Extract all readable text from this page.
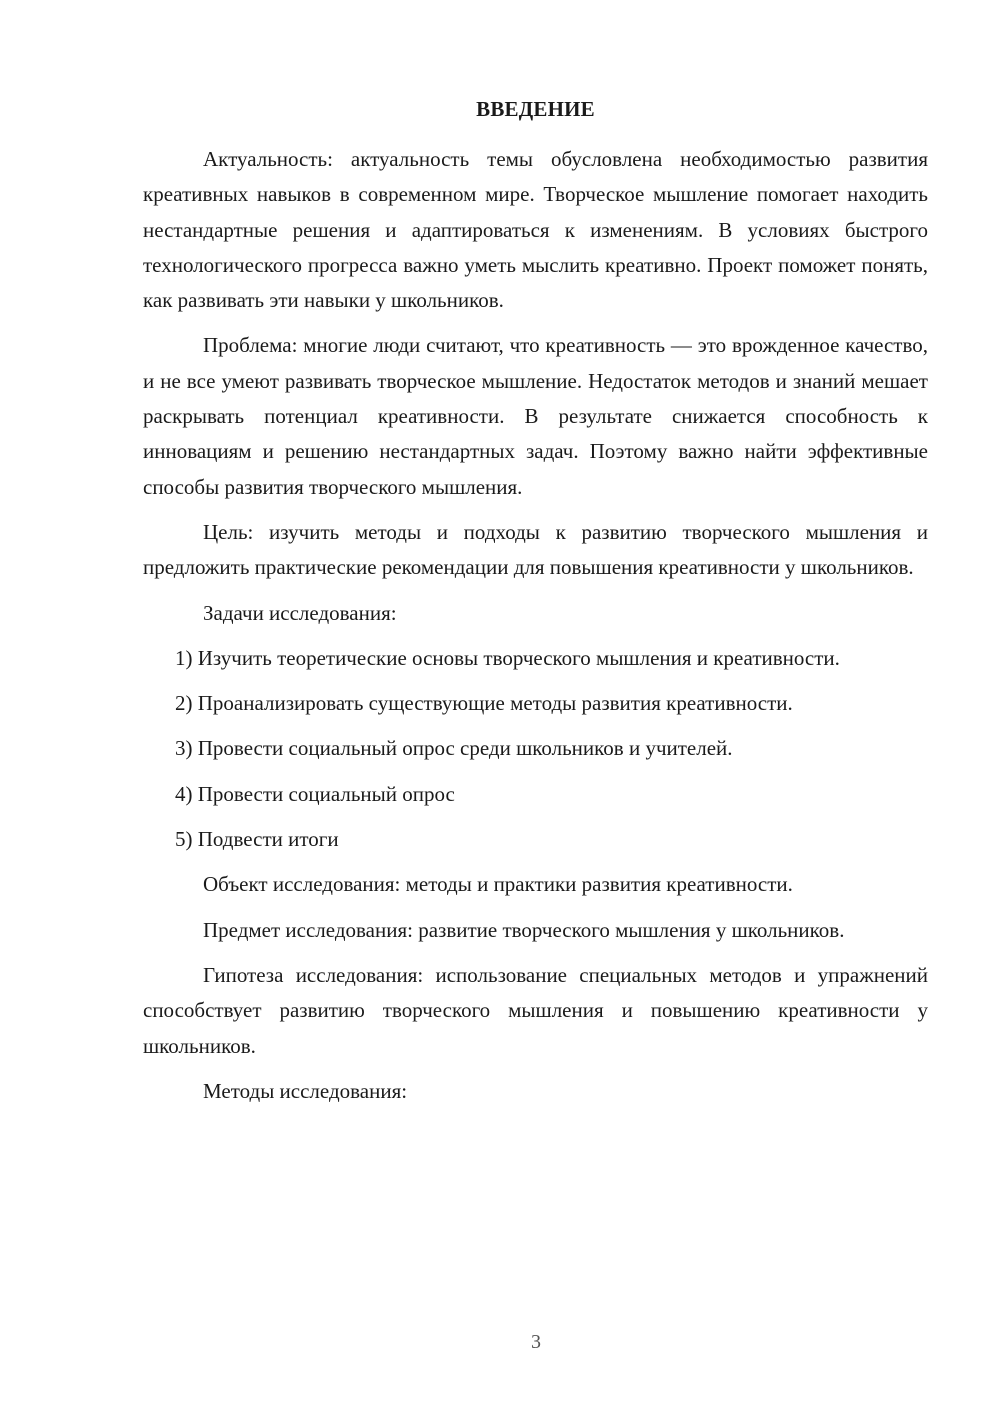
ВВЕДЕНИЕ

Актуальность: актуальность темы обусловлена необходимостью развития креативных навыков в современном мире. Творческое мышление помогает находить нестандартные решения и адаптироваться к изменениям. В условиях быстрого технологического прогресса важно уметь мыслить креативно. Проект поможет понять, как развивать эти навыки у школьников.

Проблема: многие люди считают, что креативность — это врожденное качество, и не все умеют развивать творческое мышление. Недостаток методов и знаний мешает раскрывать потенциал креативности. В результате снижается способность к инновациям и решению нестандартных задач. Поэтому важно найти эффективные способы развития творческого мышления.

Цель: изучить методы и подходы к развитию творческого мышления и предложить практические рекомендации для повышения креативности у школьников.

Задачи исследования:

1) Изучить теоретические основы творческого мышления и креативности.

2) Проанализировать существующие методы развития креативности.

3) Провести социальный опрос среди школьников и учителей.

4) Провести социальный опрос

5) Подвести итоги

Объект исследования: методы и практики развития креативности.

Предмет исследования: развитие творческого мышления у школьников.

Гипотеза исследования: использование специальных методов и упражнений способствует развитию творческого мышления и повышению креативности у школьников.

Методы исследования:

3
